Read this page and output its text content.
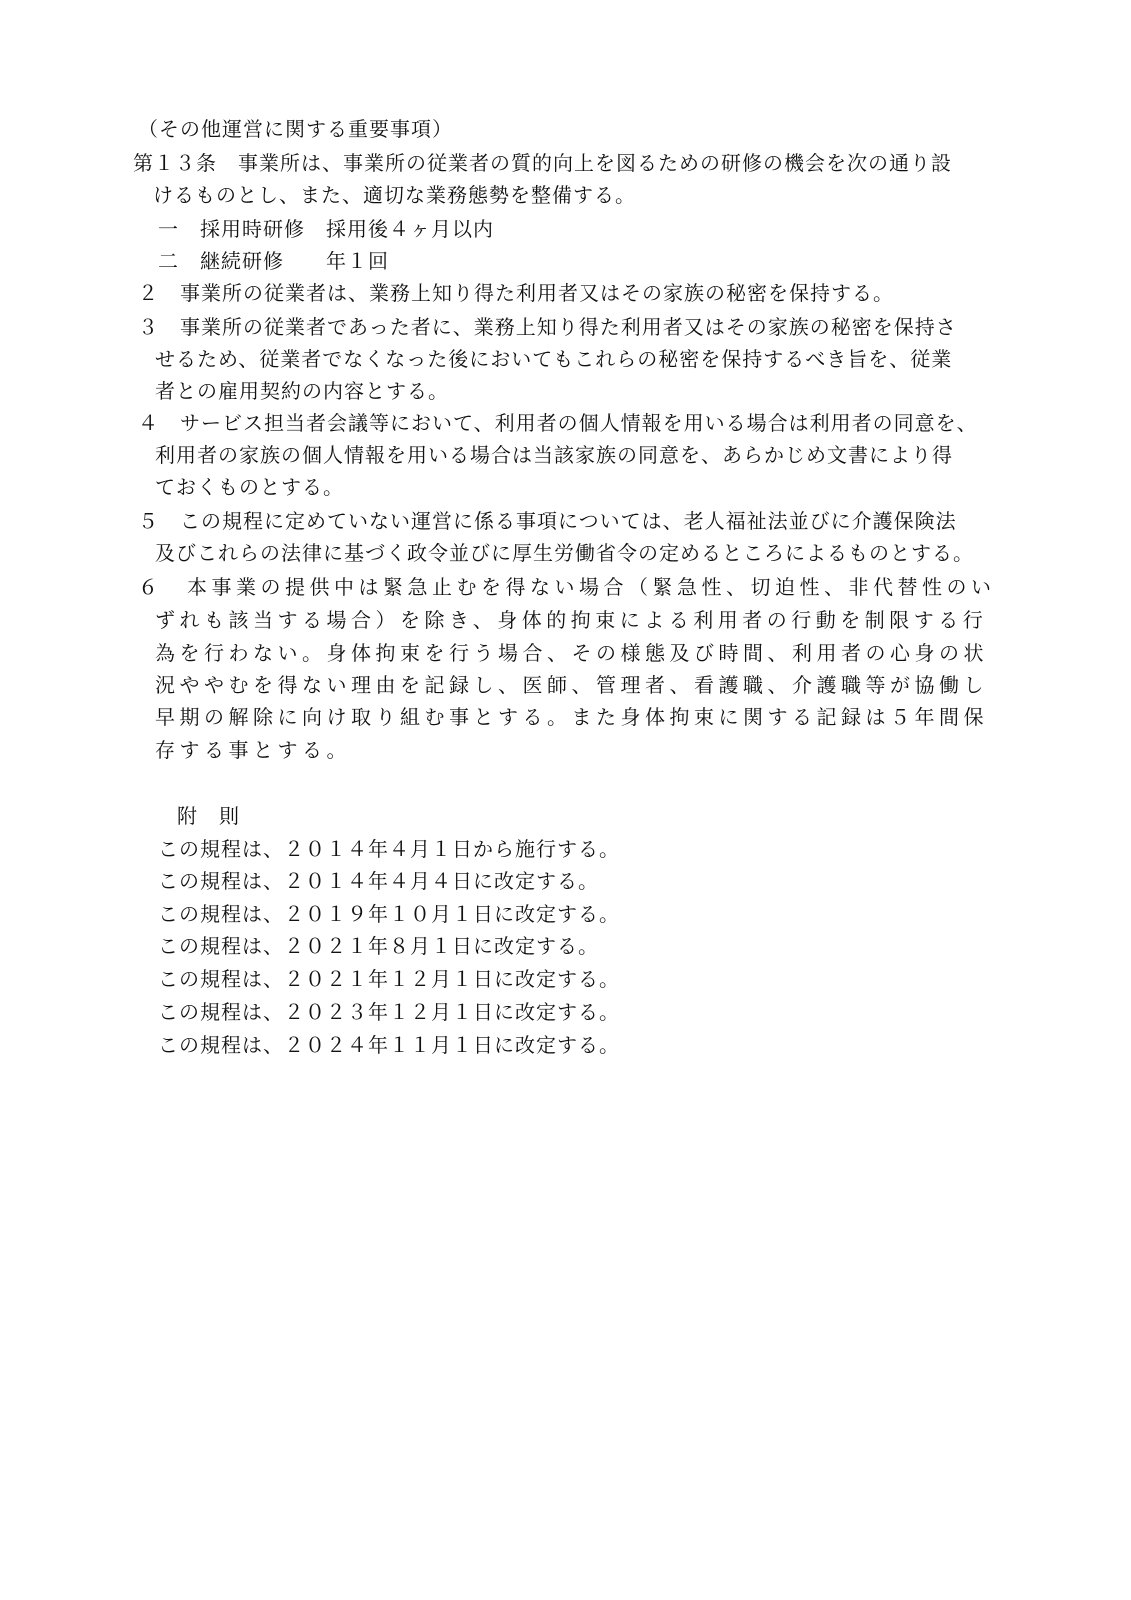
（その他運営に関する重要事項）
第１３条　事業所は、事業所の従業者の質的向上を図るための研修の機会を次の通り設
けるものとし、また、適切な業務態勢を整備する。
一　採用時研修　採用後４ヶ月以内
二　継続研修　　年１回
２　事業所の従業者は、業務上知り得た利用者又はその家族の秘密を保持する。
３　事業所の従業者であった者に、業務上知り得た利用者又はその家族の秘密を保持さ
せるため、従業者でなくなった後においてもこれらの秘密を保持するべき旨を、従業
者との雇用契約の内容とする。
４　サービス担当者会議等において、利用者の個人情報を用いる場合は利用者の同意を、
利用者の家族の個人情報を用いる場合は当該家族の同意を、あらかじめ文書により得
ておくものとする。
５　この規程に定めていない運営に係る事項については、老人福祉法並びに介護保険法
及びこれらの法律に基づく政令並びに厚生労働省令の定めるところによるものとする。
６　本事業の提供中は緊急止むを得ない場合（緊急性、切迫性、非代替性のい
ずれも該当する場合）を除き、身体的拘束による利用者の行動を制限する行
為を行わない。身体拘束を行う場合、その様態及び時間、利用者の心身の状
況ややむを得ない理由を記録し、医師、管理者、看護職、介護職等が協働し
早期の解除に向け取り組む事とする。また身体拘束に関する記録は５年間保
存する事とする。
附　則
この規程は、２０１４年４月１日から施行する。
この規程は、２０１４年４月４日に改定する。
この規程は、２０１９年１０月１日に改定する。
この規程は、２０２１年８月１日に改定する。
この規程は、２０２１年１２月１日に改定する。
この規程は、２０２３年１２月１日に改定する。
この規程は、２０２４年１１月１日に改定する。
